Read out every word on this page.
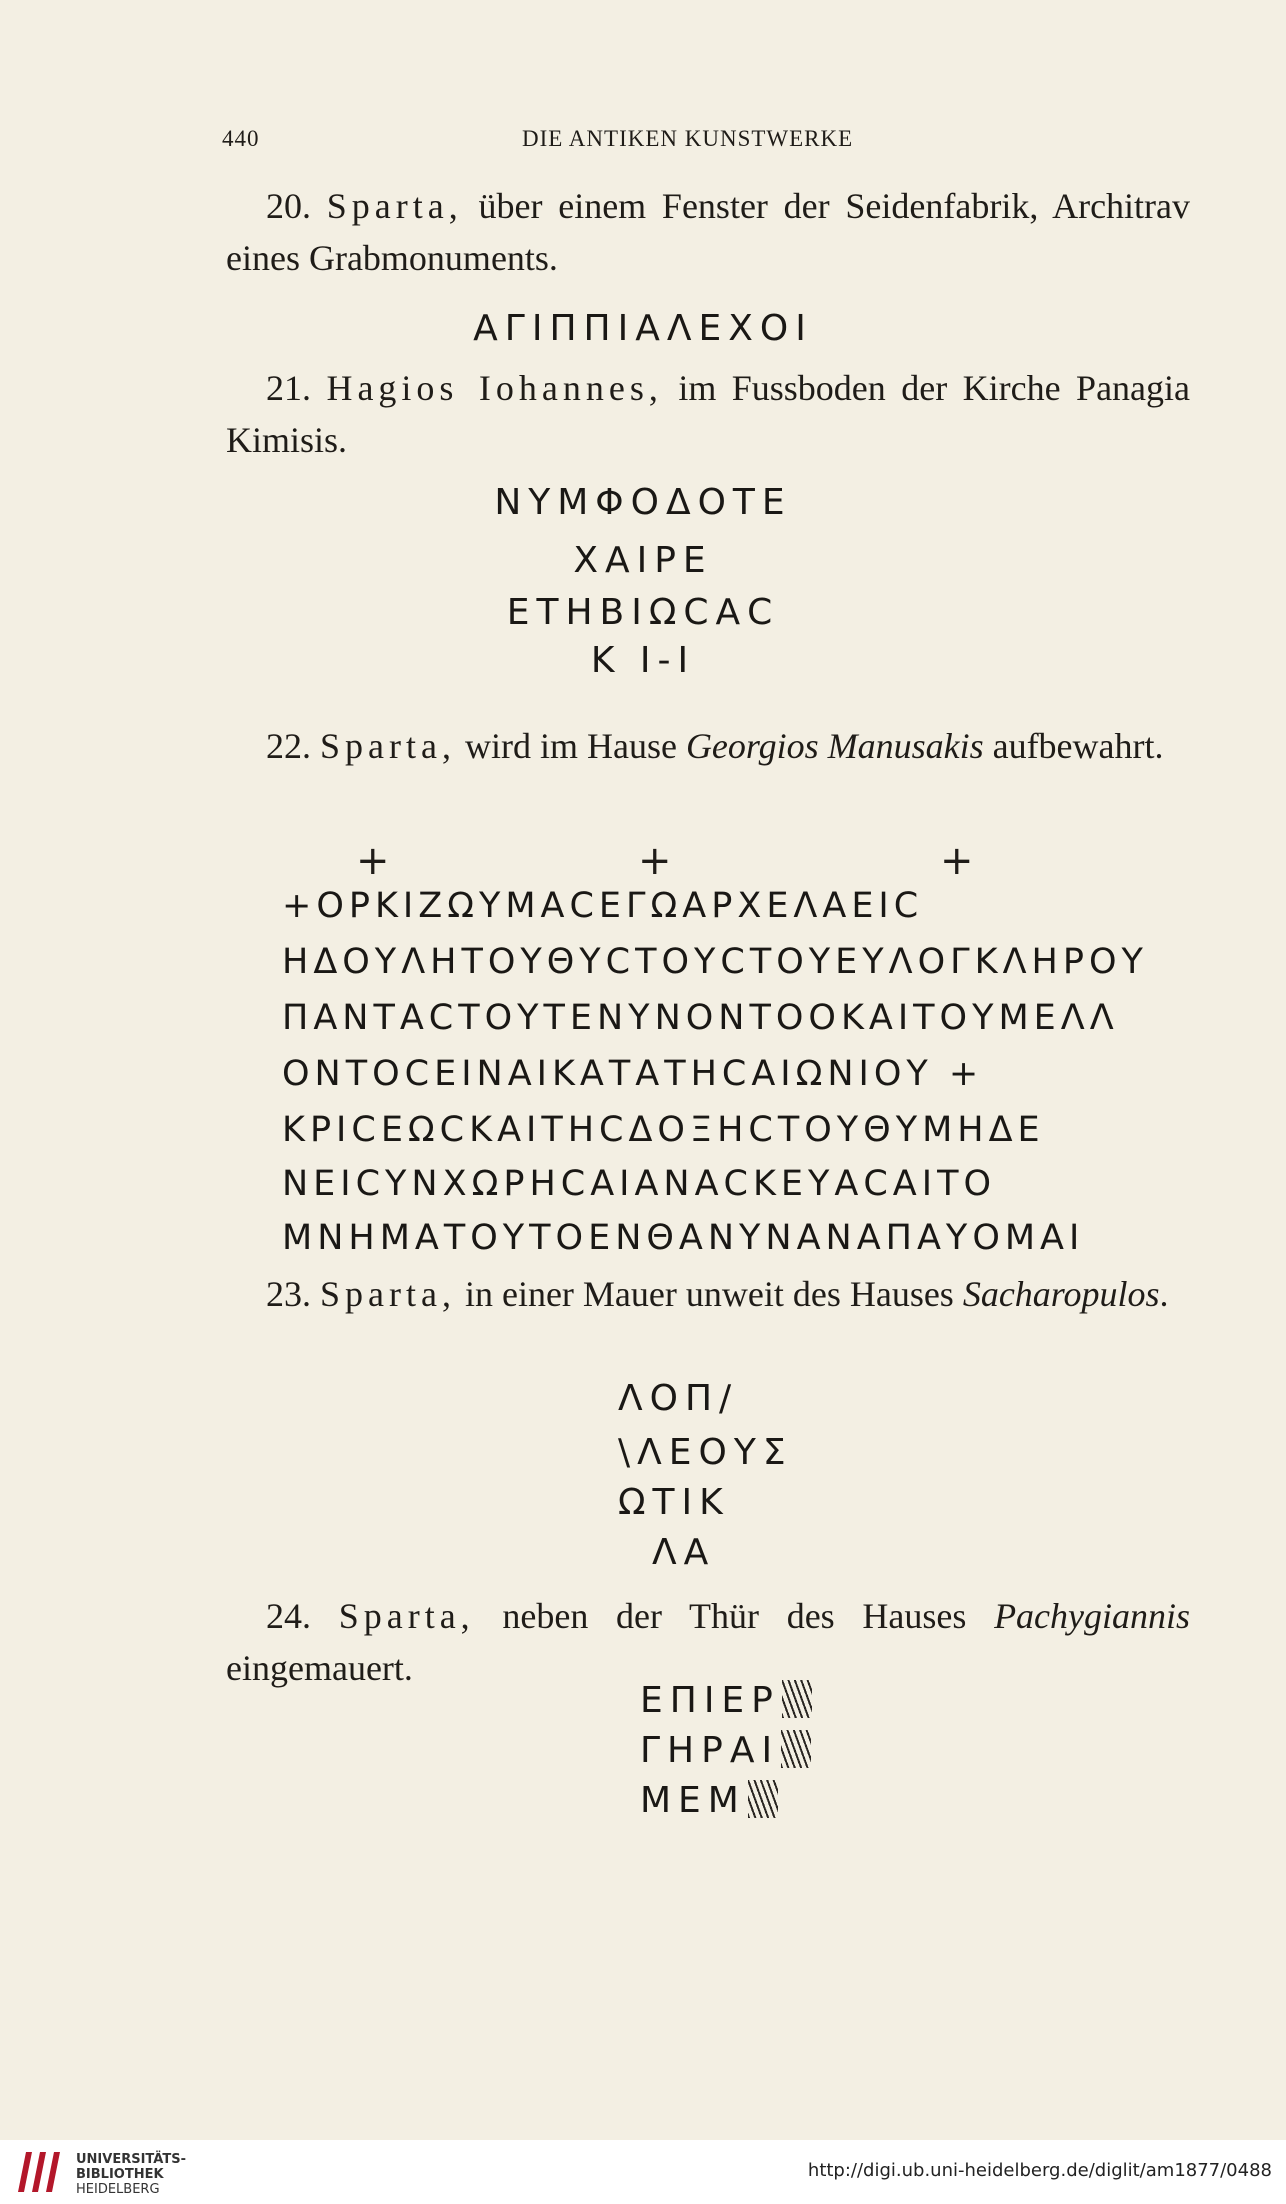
440	DIE ANTIKEN KUNSTWERKE
20. Sparta, über einem Fenster der Seidenfabrik, Architrav eines Grabmonuments.
ΑΓΙΠΠΙΑΛΕΧΟΙ
21. Hagios Iohannes, im Fussboden der Kirche Panagia Kimisis.
ΝΥΜΦΟΔΟΤΕ
ΧΑΙΡΕ
ΕΤΗΒΙΩϹΑϹ
Κ Ι-Ι
22. Sparta, wird im Hause Georgios Manusakis aufbewahrt.
+	+	+
+ΟΡΚΙΖΩΥΜΑϹΕΓΩΑΡΧΕΛΑΕΙϹ
ΗΔΟΥΛΗΤΟΥΘΥϹΤΟΥϹΤΟΥΕΥΛΟΓΚΛΗΡΟΥ
ΠΑΝΤΑϹΤΟΥΤΕΝΥΝΟΝΤΟΟΚΑΙΤΟΥΜΕΛΛ
ΟΝΤΟϹΕΙΝΑΙΚΑΤΑΤΗϹΑΙΩΝΙΟΥ +
ΚΡΙϹΕΩϹΚΑΙΤΗϹΔΟΞΗϹΤΟΥΘΥΜΗΔΕ
ΝΕΙϹΥΝΧΩΡΗϹΑΙΑΝΑϹΚΕΥΑϹΑΙΤΟ
ΜΝΗΜΑΤΟΥΤΟΕΝΘΑΝΥΝΑΝΑΠΑΥΟΜΑΙ
23. Sparta, in einer Mauer unweit des Hauses Sacharopulos.
ΛΟΠ/
\ΛΕΟΥΣ
ΩΤΙΚ
ΛΑ
24. Sparta, neben der Thür des Hauses Pachygiannis eingemauert.
ΕΠΙΕΡ
ΓΗΡΑΙ
ΜΕΜ
UNIVERSITÄTS-
BIBLIOTHEK
HEIDELBERG
http://digi.ub.uni-heidelberg.de/diglit/am1877/0488
